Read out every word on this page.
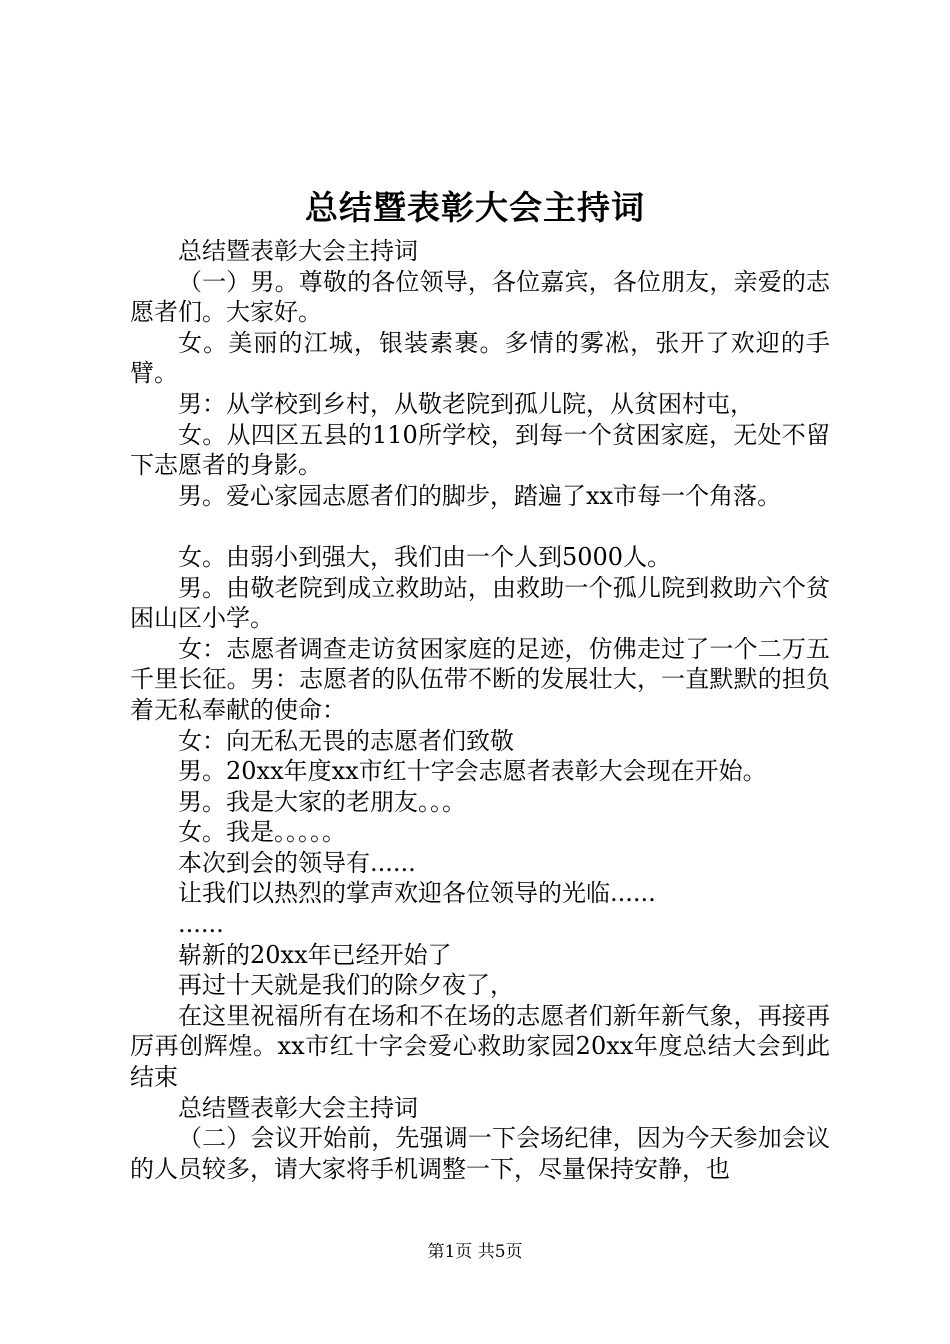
总结暨表彰大会主持词

总结暨表彰大会主持词

（一）男。尊敬的各位领导，各位嘉宾，各位朋友，亲爱的志愿者们。大家好。

女。美丽的江城，银装素裹。多情的雾凇，张开了欢迎的手臂。

男：从学校到乡村，从敬老院到孤儿院，从贫困村屯，

女。从四区五县的110所学校，到每一个贫困家庭，无处不留下志愿者的身影。

男。爱心家园志愿者们的脚步，踏遍了xx市每一个角落。

女。由弱小到强大，我们由一个人到5000人。

男。由敬老院到成立救助站，由救助一个孤儿院到救助六个贫困山区小学。

女：志愿者调查走访贫困家庭的足迹，仿佛走过了一个二万五千里长征。男：志愿者的队伍带不断的发展壮大，一直默默的担负着无私奉献的使命：

女：向无私无畏的志愿者们致敬

男。20xx年度xx市红十字会志愿者表彰大会现在开始。

男。我是大家的老朋友。。。

女。我是。。。。。

本次到会的领导有......

让我们以热烈的掌声欢迎各位领导的光临......

......

崭新的20xx年已经开始了

再过十天就是我们的除夕夜了，

在这里祝福所有在场和不在场的志愿者们新年新气象，再接再厉再创辉煌。xx市红十字会爱心救助家园20xx年度总结大会到此结束

总结暨表彰大会主持词

（二）会议开始前，先强调一下会场纪律，因为今天参加会议的人员较多，请大家将手机调整一下，尽量保持安静，也

第1页 共5页
